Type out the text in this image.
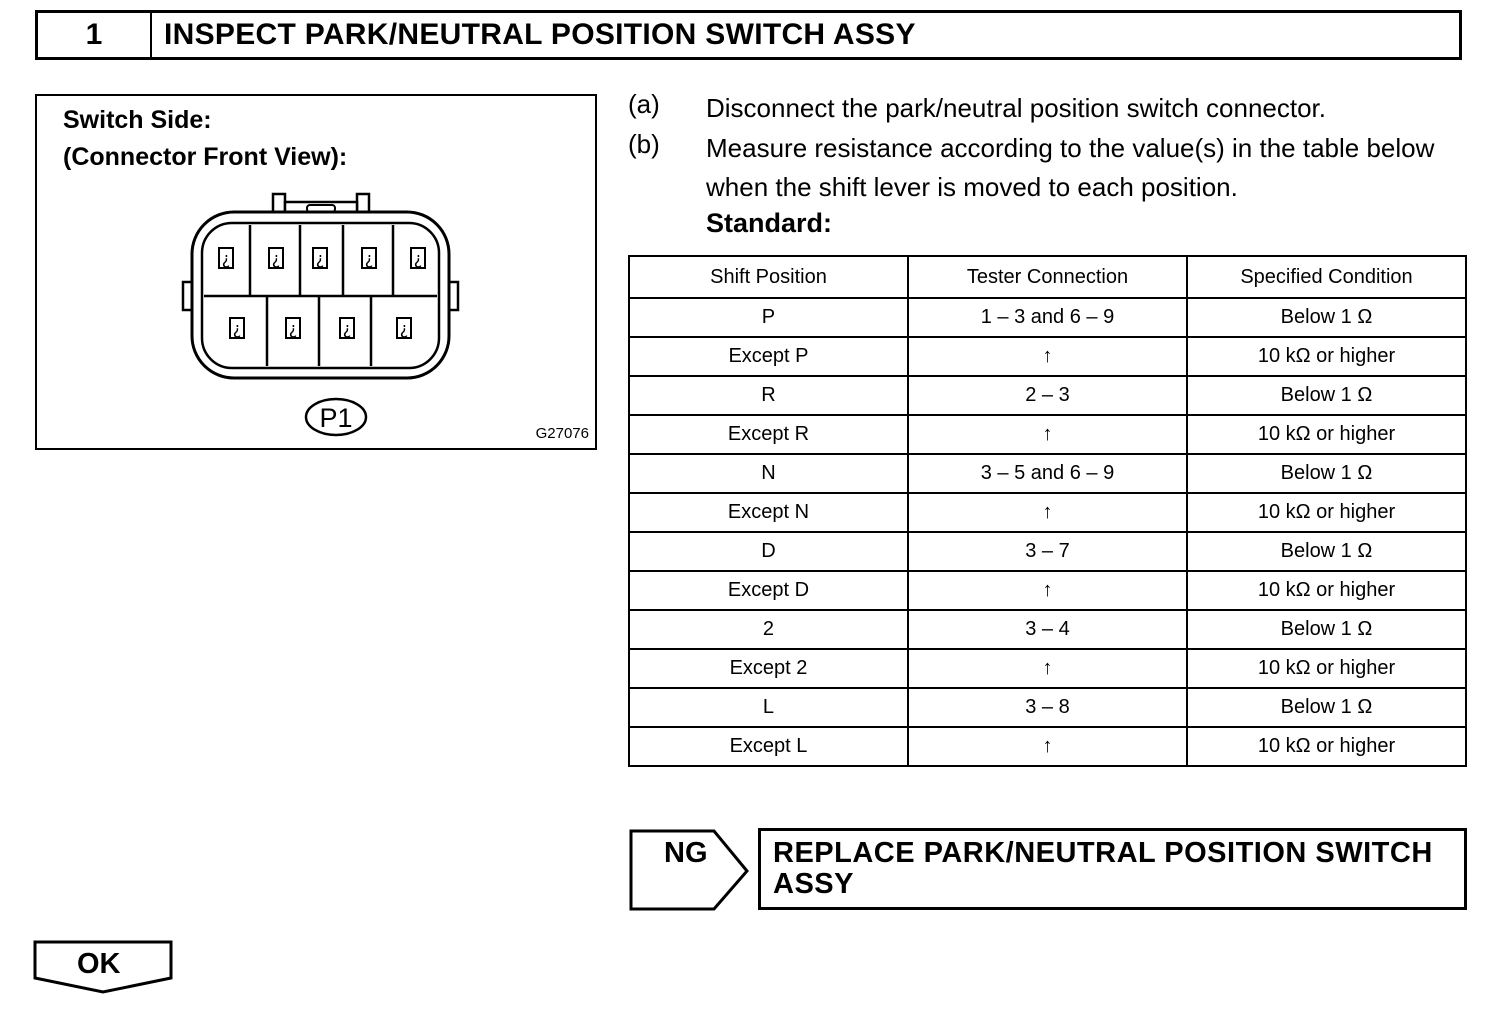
1	INSPECT PARK/NEUTRAL POSITION SWITCH ASSY
Switch Side:
(Connector Front View):
¿	¿ ¿	¿	¿
¿	¿	¿	¿
P1
G27076
(a) Disconnect the park/neutral position switch connector.
(b) Measure resistance according to the value(s) in the table below when the shift lever is moved to each position.
Standard:
Shift Position	Tester Connection	Specified Condition
P	1 – 3 and 6 – 9	Below 1 Ω
Except P	↑	10 kΩ or higher
R	2 – 3	Below 1 Ω
Except R	↑	10 kΩ or higher
N	3 – 5 and 6 – 9	Below 1 Ω
Except N	↑	10 kΩ or higher
D	3 – 7	Below 1 Ω
Except D	↑	10 kΩ or higher
2	3 – 4	Below 1 Ω
Except 2	↑	10 kΩ or higher
L	3 – 8	Below 1 Ω
Except L	↑	10 kΩ or higher
NG REPLACE PARK/NEUTRAL POSITION SWITCH ASSY
OK
